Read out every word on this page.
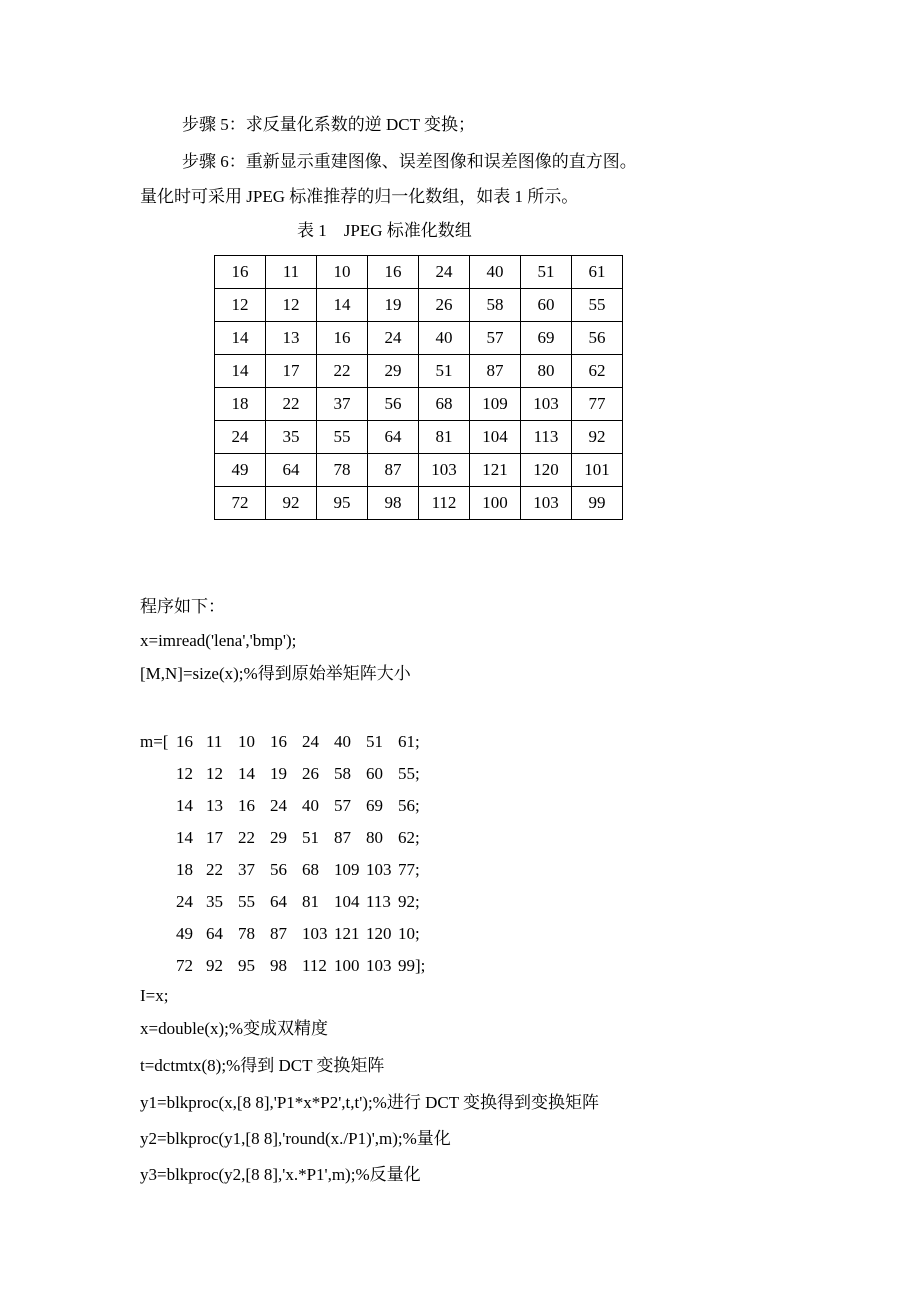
步骤 5：求反量化系数的逆 DCT 变换；
步骤 6：重新显示重建图像、误差图像和误差图像的直方图。
量化时可采用 JPEG 标准推荐的归一化数组，如表 1 所示。
表 1    JPEG 标准化数组
16	11	10	16	24	40	51	61
12	12	14	19	26	58	60	55
14	13	16	24	40	57	69	56
14	17	22	29	51	87	80	62
18	22	37	56	68	109	103	77
24	35	55	64	81	104	113	92
49	64	78	87	103	121	120	101
72	92	95	98	112	100	103	99
程序如下：
x=imread('lena','bmp');
[M,N]=size(x);%得到原始举矩阵大小
m=[ 16 11 10 16 24 40 51 61;
12 12 14 19 26 58 60 55;
14 13 16 24 40 57 69 56;
14 17 22 29 51 87 80 62;
18 22 37 56 68 109 103 77;
24 35 55 64 81 104 113 92;
49 64 78 87 103 121 120 10;
72 92 95 98 112 100 103 99];
I=x;
x=double(x);%变成双精度
t=dctmtx(8);%得到 DCT 变换矩阵
y1=blkproc(x,[8 8],'P1*x*P2',t,t');%进行 DCT 变换得到变换矩阵
y2=blkproc(y1,[8 8],'round(x./P1)',m);%量化
y3=blkproc(y2,[8 8],'x.*P1',m);%反量化
